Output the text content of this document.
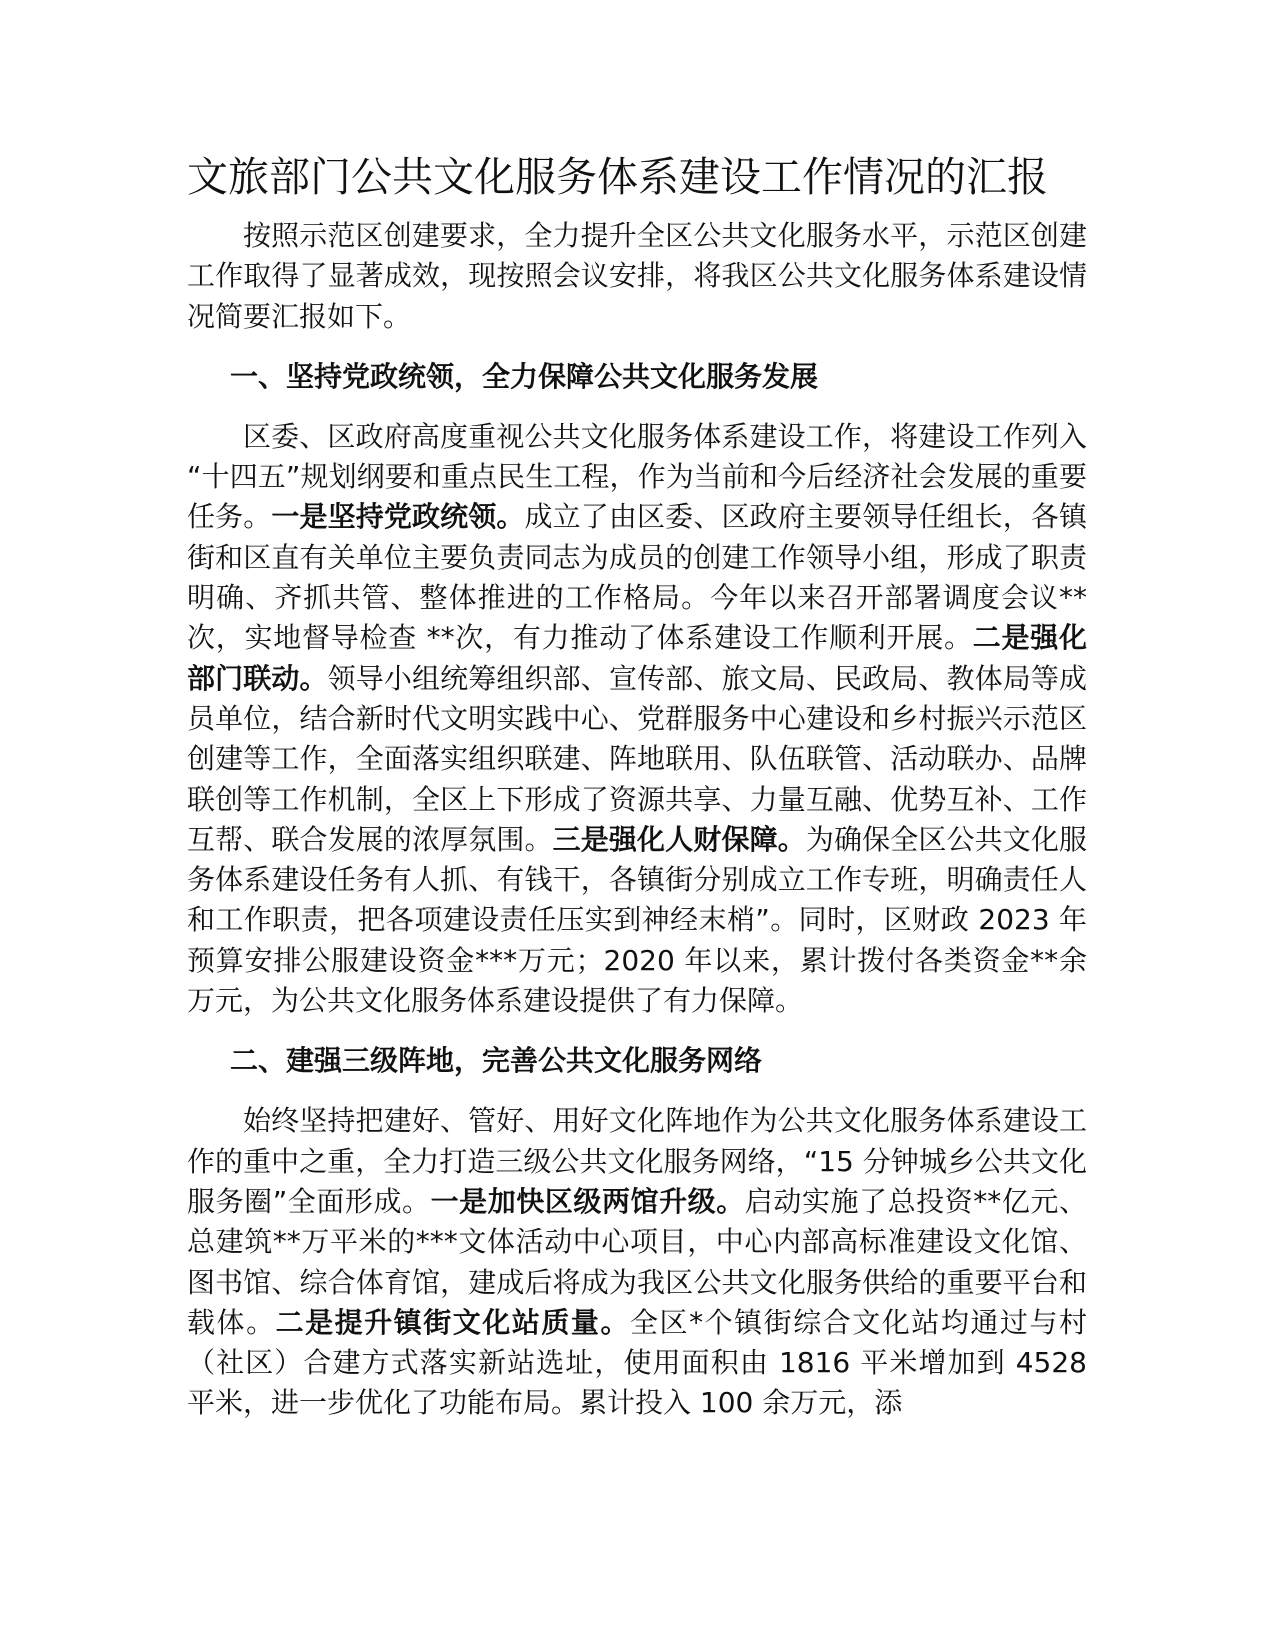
文旅部门公共文化服务体系建设工作情况的汇报

按照示范区创建要求，全力提升全区公共文化服务水平，示范区创建工作取得了显著成效，现按照会议安排，将我区公共文化服务体系建设情况简要汇报如下。

一、坚持党政统领，全力保障公共文化服务发展

区委、区政府高度重视公共文化服务体系建设工作，将建设工作列入 “十四五”规划纲要和重点民生工程，作为当前和今后经济社会发展的重要任务。一是坚持党政统领。成立了由区委、区政府主要领导任组长，各镇街和区直有关单位主要负责同志为成员的创建工作领导小组，形成了职责明确、齐抓共管、整体推进的工作格局。今年以来召开部署调度会议**次，实地督导检查 **次，有力推动了体系建设工作顺利开展。二是强化部门联动。领导小组统筹组织部、宣传部、旅文局、民政局、教体局等成员单位，结合新时代文明实践中心、党群服务中心建设和乡村振兴示范区创建等工作，全面落实组织联建、阵地联用、队伍联管、活动联办、品牌联创等工作机制，全区上下形成了资源共享、力量互融、优势互补、工作互帮、联合发展的浓厚氛围。三是强化人财保障。为确保全区公共文化服务体系建设任务有人抓、有钱干，各镇街分别成立工作专班，明确责任人和工作职责，把各项建设责任压实到神经末梢”。同时，区财政 2023 年预算安排公服建设资金***万元；2020 年以来，累计拨付各类资金**余万元，为公共文化服务体系建设提供了有力保障。

二、建强三级阵地，完善公共文化服务网络

始终坚持把建好、管好、用好文化阵地作为公共文化服务体系建设工作的重中之重，全力打造三级公共文化服务网络，“15 分钟城乡公共文化服务圈”全面形成。一是加快区级两馆升级。启动实施了总投资**亿元、总建筑**万平米的***文体活动中心项目，中心内部高标准建设文化馆、图书馆、综合体育馆，建成后将成为我区公共文化服务供给的重要平台和载体。二是提升镇街文化站质量。全区*个镇街综合文化站均通过与村（社区）合建方式落实新站选址，使用面积由 1816 平米增加到 4528 平米，进一步优化了功能布局。累计投入 100 余万元，添
